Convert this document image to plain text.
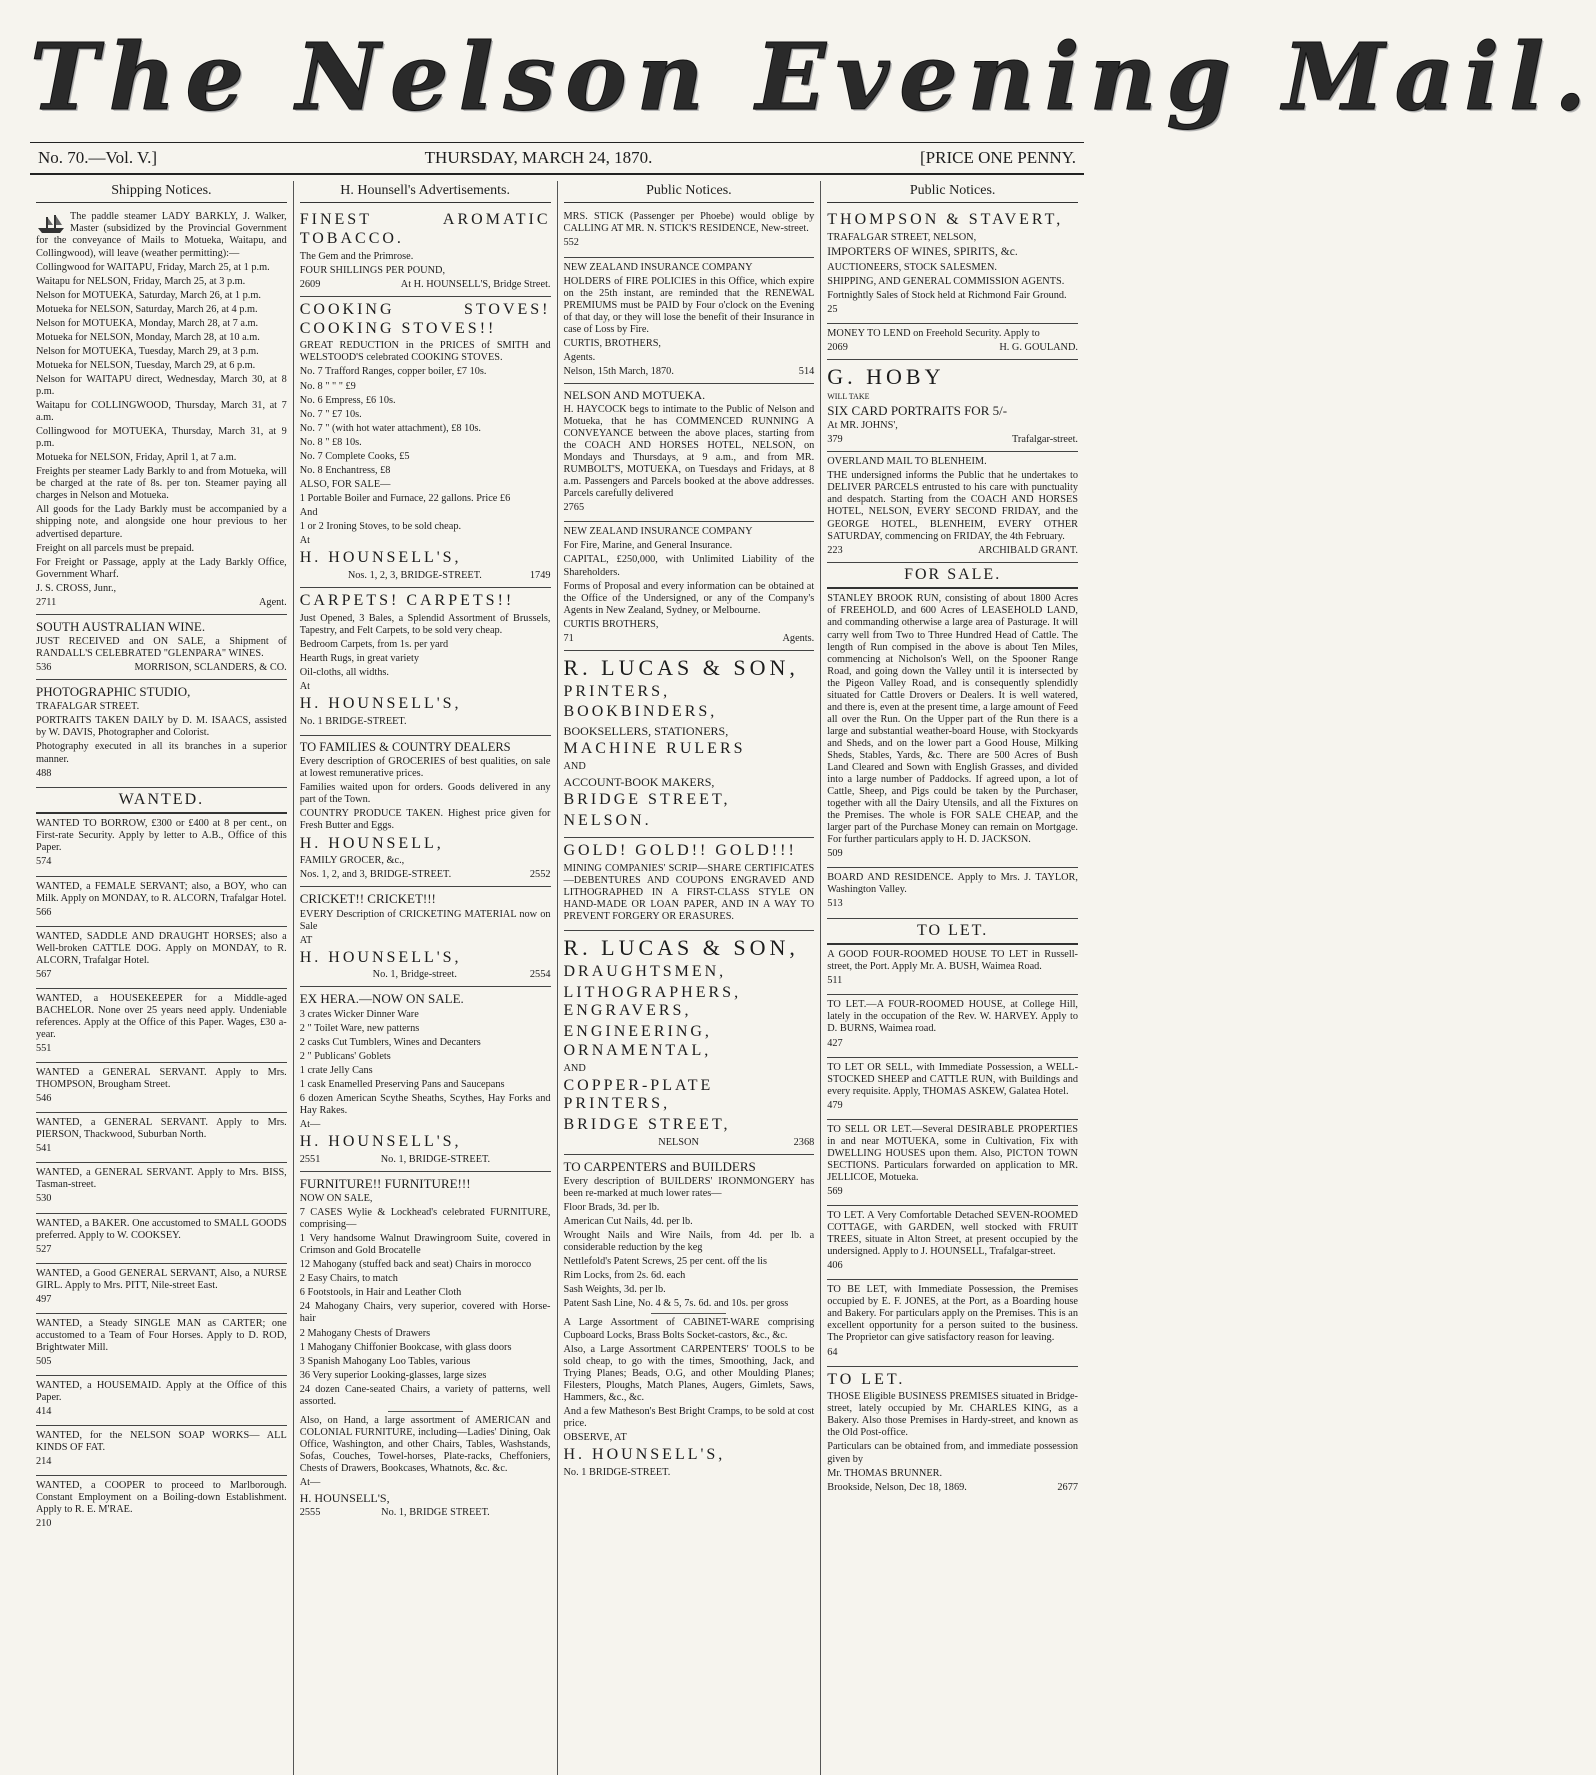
The Nelson Evening Mail.
No. 70.—Vol. V.]	THURSDAY, MARCH 24, 1870.	[PRICE ONE PENNY.
Shipping Notices.

The paddle steamer LADY BARKLY, J. Walker, Master (subsidized by the Provincial Government for the conveyance of Mails to Motueka, Waitapu, and Collingwood), will leave (weather permitting):—

Collingwood for WAITAPU, Friday, March 25, at 1 p.m.

Waitapu for NELSON, Friday, March 25, at 3 p.m.

Nelson for MOTUEKA, Saturday, March 26, at 1 p.m.

Motueka for NELSON, Saturday, March 26, at 4 p.m.

Nelson for MOTUEKA, Monday, March 28, at 7 a.m.

Motueka for NELSON, Monday, March 28, at 10 a.m.

Nelson for MOTUEKA, Tuesday, March 29, at 3 p.m.

Motueka for NELSON, Tuesday, March 29, at 6 p.m.

Nelson for WAITAPU direct, Wednesday, March 30, at 8 p.m.

Waitapu for COLLINGWOOD, Thursday, March 31, at 7 a.m.

Collingwood for MOTUEKA, Thursday, March 31, at 9 p.m.

Motueka for NELSON, Friday, April 1, at 7 a.m.

Freights per steamer Lady Barkly to and from Motueka, will be charged at the rate of 8s. per ton. Steamer paying all charges in Nelson and Motueka.

All goods for the Lady Barkly must be accompanied by a shipping note, and alongside one hour previous to her advertised departure.

Freight on all parcels must be prepaid.

For Freight or Passage, apply at the Lady Barkly Office, Government Wharf.

J. S. CROSS, Junr.,

2711	Agent.

SOUTH AUSTRALIAN WINE.

JUST RECEIVED and ON SALE, a Shipment of RANDALL'S CELEBRATED "GLENPARA" WINES.

536	MORRISON, SCLANDERS, & CO.

PHOTOGRAPHIC STUDIO,

TRAFALGAR STREET.

PORTRAITS TAKEN DAILY by D. M. ISAACS, assisted by W. DAVIS, Photographer and Colorist.

Photography executed in all its branches in a superior manner.

488

WANTED.

WANTED TO BORROW, £300 or £400 at 8 per cent., on First-rate Security. Apply by letter to A.B., Office of this Paper.

574

WANTED, a FEMALE SERVANT; also, a BOY, who can Milk. Apply on MONDAY, to R. ALCORN, Trafalgar Hotel.

566

WANTED, SADDLE AND DRAUGHT HORSES; also a Well-broken CATTLE DOG. Apply on MONDAY, to R. ALCORN, Trafalgar Hotel.

567

WANTED, a HOUSEKEEPER for a Middle-aged BACHELOR. None over 25 years need apply. Undeniable references. Apply at the Office of this Paper. Wages, £30 a-year.

551

WANTED a GENERAL SERVANT. Apply to Mrs. THOMPSON, Brougham Street.

546

WANTED, a GENERAL SERVANT. Apply to Mrs. PIERSON, Thackwood, Suburban North.

541

WANTED, a GENERAL SERVANT. Apply to Mrs. BISS, Tasman-street.

530

WANTED, a BAKER. One accustomed to SMALL GOODS preferred. Apply to W. COOKSEY.

527

WANTED, a Good GENERAL SERVANT, Also, a NURSE GIRL. Apply to Mrs. PITT, Nile-street East.

497

WANTED, a Steady SINGLE MAN as CARTER; one accustomed to a Team of Four Horses. Apply to D. ROD, Brightwater Mill.

505

WANTED, a HOUSEMAID. Apply at the Office of this Paper.

414

WANTED, for the NELSON SOAP WORKS— ALL KINDS OF FAT.

214

WANTED, a COOPER to proceed to Marlborough. Constant Employment on a Boiling-down Establishment. Apply to R. E. M'RAE.

210

H. Hounsell's Advertisements.

FINEST AROMATIC TOBACCO.

The Gem and the Primrose.

FOUR SHILLINGS PER POUND,

2609	At H. HOUNSELL'S, Bridge Street.

COOKING STOVES! COOKING STOVES!!

GREAT REDUCTION in the PRICES of SMITH and WELSTOOD'S celebrated COOKING STOVES.

No. 7 Trafford Ranges, copper boiler, £7 10s.

No. 8 " " " £9

No. 6 Empress, £6 10s.

No. 7 " £7 10s.

No. 7 " (with hot water attachment), £8 10s.

No. 8 " £8 10s.

No. 7 Complete Cooks, £5

No. 8 Enchantress, £8

ALSO, FOR SALE—

1 Portable Boiler and Furnace, 22 gallons. Price £6

And

1 or 2 Ironing Stoves, to be sold cheap.

At

H. HOUNSELL'S,

Nos. 1, 2, 3, BRIDGE-STREET.	1749

CARPETS! CARPETS!!

Just Opened, 3 Bales, a Splendid Assortment of Brussels, Tapestry, and Felt Carpets, to be sold very cheap.

Bedroom Carpets, from 1s. per yard

Hearth Rugs, in great variety

Oil-cloths, all widths.

At

H. HOUNSELL'S,

No. 1 BRIDGE-STREET.

TO FAMILIES & COUNTRY DEALERS

Every description of GROCERIES of best qualities, on sale at lowest remunerative prices.

Families waited upon for orders. Goods delivered in any part of the Town.

COUNTRY PRODUCE TAKEN. Highest price given for Fresh Butter and Eggs.

H. HOUNSELL,

FAMILY GROCER, &c.,

Nos. 1, 2, and 3, BRIDGE-STREET.	2552

CRICKET!! CRICKET!!!

EVERY Description of CRICKETING MATERIAL now on Sale

AT

H. HOUNSELL'S,

No. 1, Bridge-street.	2554

EX HERA.—NOW ON SALE.

3 crates Wicker Dinner Ware

2 " Toilet Ware, new patterns

2 casks Cut Tumblers, Wines and Decanters

2 " Publicans' Goblets

1 crate Jelly Cans

1 cask Enamelled Preserving Pans and Saucepans

6 dozen American Scythe Sheaths, Scythes, Hay Forks and Hay Rakes.

At—

H. HOUNSELL'S,

2551	No. 1, BRIDGE-STREET.

FURNITURE!! FURNITURE!!!

NOW ON SALE,

7 CASES Wylie & Lockhead's celebrated FURNITURE, comprising—

1 Very handsome Walnut Drawingroom Suite, covered in Crimson and Gold Brocatelle

12 Mahogany (stuffed back and seat) Chairs in morocco

2 Easy Chairs, to match

6 Footstools, in Hair and Leather Cloth

24 Mahogany Chairs, very superior, covered with Horse-hair

2 Mahogany Chests of Drawers

1 Mahogany Chiffonier Bookcase, with glass doors

3 Spanish Mahogany Loo Tables, various

36 Very superior Looking-glasses, large sizes

24 dozen Cane-seated Chairs, a variety of patterns, well assorted.

Also, on Hand, a large assortment of AMERICAN and COLONIAL FURNITURE, including—Ladies' Dining, Oak Office, Washington, and other Chairs, Tables, Washstands, Sofas, Couches, Towel-horses, Plate-racks, Cheffoniers, Chests of Drawers, Bookcases, Whatnots, &c. &c.

At—

H. HOUNSELL'S,

2555	No. 1, BRIDGE STREET.
Public Notices.

MRS. STICK (Passenger per Phoebe) would oblige by CALLING AT MR. N. STICK'S RESIDENCE, New-street.

552

NEW ZEALAND INSURANCE COMPANY

HOLDERS of FIRE POLICIES in this Office, which expire on the 25th instant, are reminded that the RENEWAL PREMIUMS must be PAID by Four o'clock on the Evening of that day, or they will lose the benefit of their Insurance in case of Loss by Fire.

CURTIS, BROTHERS,

Agents.

Nelson, 15th March, 1870.	514

NELSON AND MOTUEKA.

H. HAYCOCK begs to intimate to the Public of Nelson and Motueka, that he has COMMENCED RUNNING A CONVEYANCE between the above places, starting from the COACH AND HORSES HOTEL, NELSON, on Mondays and Thursdays, at 9 a.m., and from MR. RUMBOLT'S, MOTUEKA, on Tuesdays and Fridays, at 8 a.m. Passengers and Parcels booked at the above addresses. Parcels carefully delivered

2765

NEW ZEALAND INSURANCE COMPANY

For Fire, Marine, and General Insurance.

CAPITAL, £250,000, with Unlimited Liability of the Shareholders.

Forms of Proposal and every information can be obtained at the Office of the Undersigned, or any of the Company's Agents in New Zealand, Sydney, or Melbourne.

CURTIS BROTHERS,

71	Agents.

R. LUCAS & SON,

PRINTERS,

BOOKBINDERS,

BOOKSELLERS, STATIONERS,

MACHINE RULERS

AND

ACCOUNT-BOOK MAKERS,

BRIDGE STREET,

NELSON.

GOLD! GOLD!! GOLD!!!

MINING COMPANIES' SCRIP—SHARE CERTIFICATES—DEBENTURES AND COUPONS ENGRAVED AND LITHOGRAPHED IN A FIRST-CLASS STYLE ON HAND-MADE OR LOAN PAPER, AND IN A WAY TO PREVENT FORGERY OR ERASURES.

R. LUCAS & SON,

DRAUGHTSMEN,

LITHOGRAPHERS, ENGRAVERS,

ENGINEERING, ORNAMENTAL,

AND

COPPER-PLATE PRINTERS,

BRIDGE STREET,

NELSON	2368

TO CARPENTERS and BUILDERS

Every description of BUILDERS' IRONMONGERY has been re-marked at much lower rates—

Floor Brads, 3d. per lb.

American Cut Nails, 4d. per lb.

Wrought Nails and Wire Nails, from 4d. per lb. a considerable reduction by the keg

Nettlefold's Patent Screws, 25 per cent. off the lis

Rim Locks, from 2s. 6d. each

Sash Weights, 3d. per lb.

Patent Sash Line, No. 4 & 5, 7s. 6d. and 10s. per gross

A Large Assortment of CABINET-WARE comprising Cupboard Locks, Brass Bolts Socket-castors, &c., &c.

Also, a Large Assortment CARPENTERS' TOOLS to be sold cheap, to go with the times, Smoothing, Jack, and Trying Planes; Beads, O.G, and other Moulding Planes; Filesters, Ploughs, Match Planes, Augers, Gimlets, Saws, Hammers, &c., &c.

And a few Matheson's Best Bright Cramps, to be sold at cost price.

OBSERVE, AT

H. HOUNSELL'S,

No. 1 BRIDGE-STREET.

Public Notices.

THOMPSON & STAVERT,

TRAFALGAR STREET, NELSON,

IMPORTERS OF WINES, SPIRITS, &c.

AUCTIONEERS, STOCK SALESMEN.

SHIPPING, AND GENERAL COMMISSION AGENTS.

Fortnightly Sales of Stock held at Richmond Fair Ground.

25

MONEY TO LEND on Freehold Security. Apply to

2069	H. G. GOULAND.

G. HOBY

WILL TAKE

SIX CARD PORTRAITS FOR 5/-

At MR. JOHNS',

379	Trafalgar-street.

OVERLAND MAIL TO BLENHEIM.

THE undersigned informs the Public that he undertakes to DELIVER PARCELS entrusted to his care with punctuality and despatch. Starting from the COACH AND HORSES HOTEL, NELSON, EVERY SECOND FRIDAY, and the GEORGE HOTEL, BLENHEIM, EVERY OTHER SATURDAY, commencing on FRIDAY, the 4th February.

223	ARCHIBALD GRANT.
FOR SALE.

STANLEY BROOK RUN, consisting of about 1800 Acres of FREEHOLD, and 600 Acres of LEASEHOLD LAND, and commanding otherwise a large area of Pasturage. It will carry well from Two to Three Hundred Head of Cattle. The length of Run compised in the above is about Ten Miles, commencing at Nicholson's Well, on the Spooner Range Road, and going down the Valley until it is intersected by the Pigeon Valley Road, and is consequently splendidly situated for Cattle Drovers or Dealers. It is well watered, and there is, even at the present time, a large amount of Feed all over the Run. On the Upper part of the Run there is a large and substantial weather-board House, with Stockyards and Sheds, and on the lower part a Good House, Milking Sheds, Stables, Yards, &c. There are 500 Acres of Bush Land Cleared and Sown with English Grasses, and divided into a large number of Paddocks. If agreed upon, a lot of Cattle, Sheep, and Pigs could be taken by the Purchaser, together with all the Dairy Utensils, and all the Fixtures on the Premises. The whole is FOR SALE CHEAP, and the larger part of the Purchase Money can remain on Mortgage. For further particulars apply to H. D. JACKSON.

509

BOARD AND RESIDENCE. Apply to Mrs. J. TAYLOR, Washington Valley.

513

TO LET.

A GOOD FOUR-ROOMED HOUSE TO LET in Russell-street, the Port. Apply Mr. A. BUSH, Waimea Road.

511

TO LET.—A FOUR-ROOMED HOUSE, at College Hill, lately in the occupation of the Rev. W. HARVEY. Apply to D. BURNS, Waimea road.

427

TO LET OR SELL, with Immediate Possession, a WELL-STOCKED SHEEP and CATTLE RUN, with Buildings and every requisite. Apply, THOMAS ASKEW, Galatea Hotel.

479

TO SELL OR LET.—Several DESIRABLE PROPERTIES in and near MOTUEKA, some in Cultivation, Fix with DWELLING HOUSES upon them. Also, PICTON TOWN SECTIONS. Particulars forwarded on application to MR. JELLICOE, Motueka.

569

TO LET. A Very Comfortable Detached SEVEN-ROOMED COTTAGE, with GARDEN, well stocked with FRUIT TREES, situate in Alton Street, at present occupied by the undersigned. Apply to J. HOUNSELL, Trafalgar-street.

406

TO BE LET, with Immediate Possession, the Premises occupied by E. F. JONES, at the Port, as a Boarding house and Bakery. For particulars apply on the Premises. This is an excellent opportunity for a person suited to the business. The Proprietor can give satisfactory reason for leaving.

64

TO LET.

THOSE Eligible BUSINESS PREMISES situated in Bridge-street, lately occupied by Mr. CHARLES KING, as a Bakery. Also those Premises in Hardy-street, and known as the Old Post-office.

Particulars can be obtained from, and immediate possession given by

Mr. THOMAS BRUNNER.

Brookside, Nelson, Dec 18, 1869.	2677
